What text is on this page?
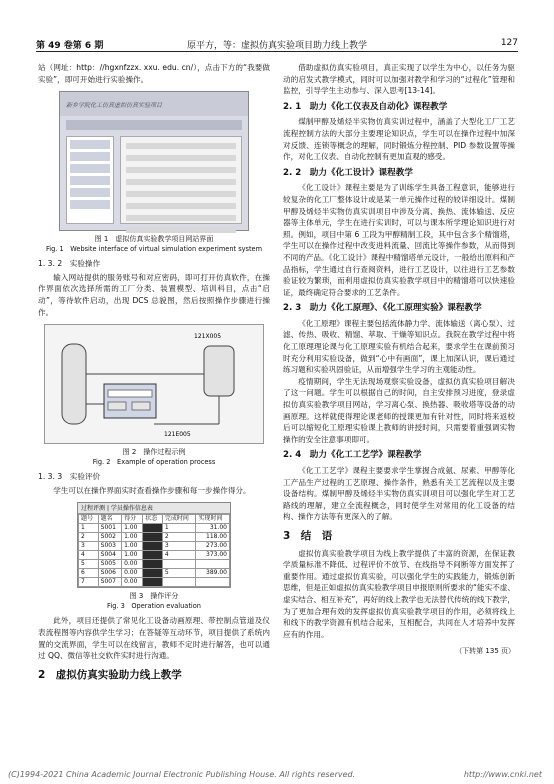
第 49 卷第 6 期	原平方，等：虚拟仿真实验项目助力线上教学	127

站（网址：http：//hgxnfzzx. xxu. edu. cn/），点击下方的“我要做实验”，即可开始进行实验操作。

新乡学院化工仿真虚拟仿真实验项目
图 1　虚拟仿真实验教学项目网站界面
Fig. 1　Website interface of virtual simulation experiment system
1. 3. 2　实验操作

输入网站提供的服务账号和对应密码，即可打开仿真软件，在操作界面依次选择所需的工厂分类、装置模型、培训科目，点击“启动”，等待软件启动，出现 DCS 总貌图，然后按照操作步骤进行操作。

121X005
121E005
图 2　操作过程示例
Fig. 2　Example of operation process
1. 3. 3　实验评价

学生可以在操作界面实时查看操作步骤和每一步操作得分。

过程评测 | 学员操作信息表
题号	题名	得分	状态	完成时间	实现时间
1	S001	1.00		1	31.00
2	S002	1.00		2	118.00
3	S003	1.00		3	273.00
4	S004	1.00		4	373.00
5	S005	0.00			
6	S006	0.00		5	389.00
7	S007	0.00			
图 3　操作评分
Fig. 3　Operation evaluation

此外，项目还提供了常见化工设备动画原理、带控制点管道及仪表流程图等内容供学生学习；在答疑等互动环节，项目提供了系统内置的交流界面，学生可以在线留言，教师不定时进行解答，也可以通过 QQ、微信等社交软件实时进行沟通。

2　虚拟仿真实验助力线上教学

借助虚拟仿真实验项目，真正实现了以学生为中心，以任务为驱动的启发式教学模式，同时可以加强对教学和学习的“过程化”管理和监控，引导学生主动参与、深入思考[13-14]。

2. 1　助力《化工仪表及自动化》课程教学

煤制甲醇及烯烃半实物仿真实训过程中，涵盖了大型化工厂工艺流程控制方法的大部分主要理论知识点，学生可以在操作过程中加深对反馈、连锁等概念的理解，同时锻炼分程控制、PID 参数设置等操作，对化工仪表、自动化控制有更加直观的感受。

2. 2　助力《化工设计》课程教学

《化工设计》课程主要是为了训练学生具备工程意识，能够进行较复杂的化工厂整体设计或是某一单元操作过程的较详细设计。煤制甲醇及烯烃半实物仿真实训项目中涉及分离、换热、流体输送、反应器等主体单元，学生在进行实训时，可以与课本所学理论知识进行对照。例如，项目中第 6 工段为甲醇精制工段，其中包含多个精馏塔，学生可以在操作过程中改变进料流量、回流比等操作参数，从而得到不同的产品。《化工设计》课程中精馏塔单元设计，一般给出原料和产品指标，学生通过自行查阅资料，进行工艺设计，以往进行工艺参数验证较为繁琐，而利用虚拟仿真实验教学项目中的精馏塔可以快速验证，最终确定符合要求的工艺条件。

2. 3　助力《化工原理》、《化工原理实验》课程教学

《化工原理》课程主要包括流体静力学、流体输送（离心泵）、过滤、传热、吸收、精馏、萃取、干燥等知识点。我院在教学过程中将化工原理理论课与化工原理实验有机结合起来，要求学生在课前预习时充分利用实验设备，做到“心中有画面”，课上加深认识，课后通过练习题和实验巩固验证，从而增强学生学习的主观能动性。

疫情期间，学生无法现场观察实验设备，虚拟仿真实验项目解决了这一问题。学生可以根据自己的时间，自主安排预习进度，登录虚拟仿真实验教学项目网站，学习离心泵、换热器、吸收塔等设备的动画原理。这样就使得理论课老师的授课更加有针对性，同时将来返校后可以缩短化工原理实验课上教师的讲授时间，只需要着重强调实物操作的安全注意事项即可。

2. 4　助力《化工工艺学》课程教学

《化工工艺学》课程主要要求学生掌握合成氨、尿素、甲醇等化工产品生产过程的工艺原理、操作条件，熟悉有关工艺流程以及主要设备结构。煤制甲醇及烯烃半实物仿真实训项目可以强化学生对工艺路线的理解，建立全流程概念，同时使学生对常用的化工设备的结构、操作方法等有更深入的了解。

3　结　语

虚拟仿真实验教学项目为线上教学提供了丰富的资源，在保证教学质量标准不降低、过程评价不放节、在线指导不间断等方面发挥了重要作用。通过虚拟仿真实验，可以强化学生的实践能力，锻炼创新思维，但是正如虚拟仿真实验教学项目申报原则所要求的“能实不虚、虚实结合、相互补充”，再好的线上教学也无法替代传统的线下教学，为了更加合理有效的发挥虚拟仿真实验教学项目的作用，必须将线上和线下的教学资源有机结合起来，互相配合，共同在人才培养中发挥应有的作用。

（下转第 135 页）
(C)1994-2021 China Academic Journal Electronic Publishing House. All rights reserved.	http://www.cnki.net
